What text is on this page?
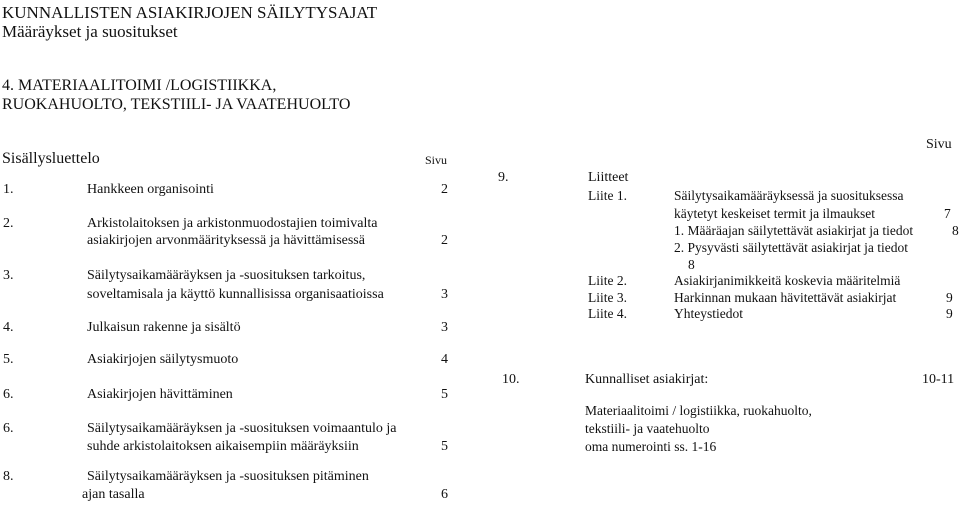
KUNNALLISTEN ASIAKIRJOJEN SÄILYTYSAJAT
Määräykset ja suositukset
4. MATERIAALITOIMI /LOGISTIIKKA,
RUOKAHUOLTO, TEKSTIILI- JA VAATEHUOLTO
Sisällysluettelo	Sivu
1.	Hankkeen organisointi	2
2.	Arkistolaitoksen ja arkistonmuodostajien toimivalta
asiakirjojen arvonmäärityksessä ja hävittämisessä	2
3.	Säilytysaikamääräyksen ja -suosituksen tarkoitus,
soveltamisala ja käyttö kunnallisissa organisaatioissa	3
4.	Julkaisun rakenne ja sisältö	3
5.	Asiakirjojen säilytysmuoto	4
6.	Asiakirjojen hävittäminen	5
6.	Säilytysaikamääräyksen ja -suosituksen voimaantulo ja
suhde arkistolaitoksen aikaisempiin määräyksiin	5
8.	Säilytysaikamääräyksen ja -suosituksen pitäminen
ajan tasalla	6
Sivu
9.	Liitteet
Liite 1.	Säilytysaikamääräyksessä ja suosituksessa
käytetyt keskeiset termit ja ilmaukset	7
1. Määräajan säilytettävät asiakirjat ja tiedot	8
2. Pysyvästi säilytettävät asiakirjat ja tiedot
8
Liite 2.	Asiakirjanimikkeitä koskevia määritelmiä
Liite 3.	Harkinnan mukaan hävitettävät asiakirjat	9
Liite 4.	Yhteystiedot	9
10.	Kunnalliset asiakirjat:	10-11
Materiaalitoimi / logistiikka, ruokahuolto,
tekstiili- ja vaatehuolto
oma numerointi ss. 1-16
